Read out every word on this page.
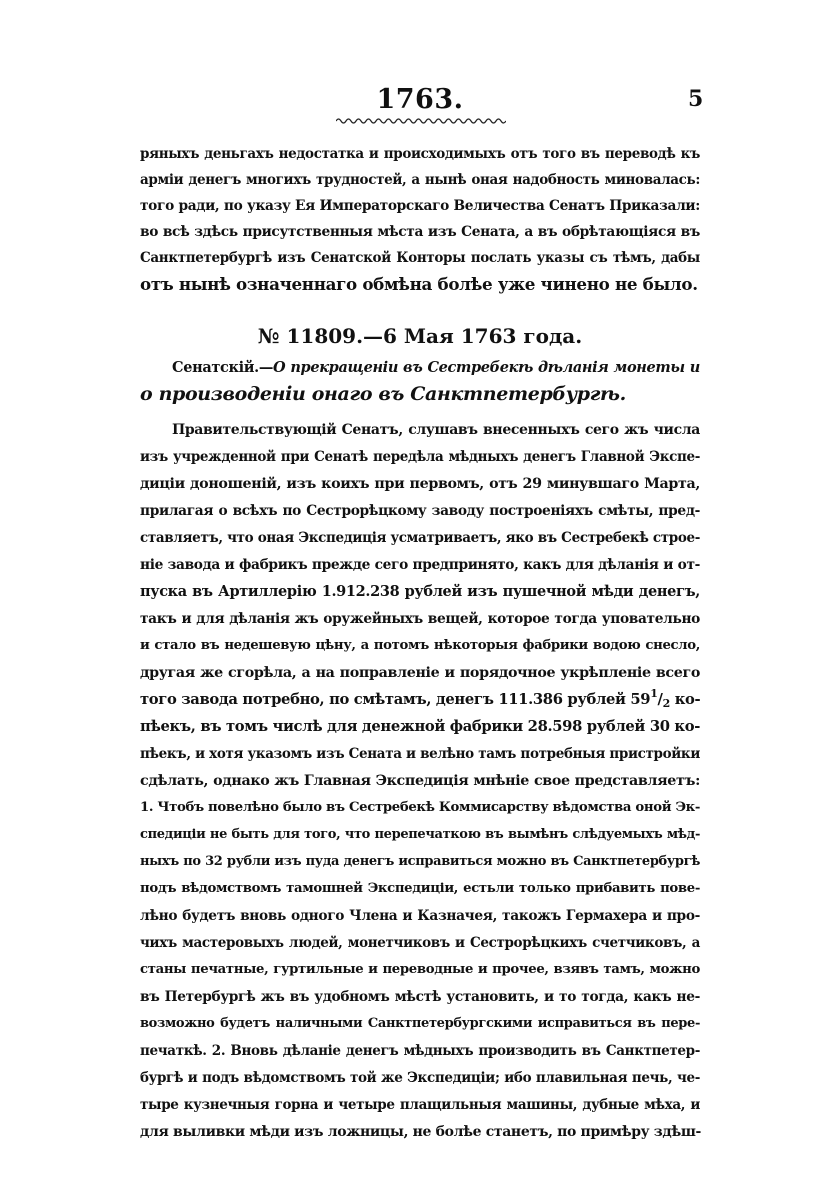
1763.	5
ряныхъ деньгахъ недостатка и происходимыхъ отъ того въ переводѣ къ
арміи денегъ многихъ трудностей, а нынѣ оная надобность миновалась:
того ради, по указу Ея Императорскаго Величества Сенатъ Приказали:
во всѣ здѣсь присутственныя мѣста изъ Сената, а въ обрѣтающіяся въ
Санктпетербургѣ изъ Сенатской Конторы послать указы съ тѣмъ, дабы
отъ нынѣ означеннаго обмѣна болѣе уже чинено не было.
№ 11809.—6 Мая 1763 года.
Сенатскій.—О прекращеніи въ Сестребекѣ дѣланія монеты и
о производеніи онаго въ Санктпетербургѣ.
Правительствующій Сенатъ, слушавъ внесенныхъ сего жъ числа
изъ учрежденной при Сенатѣ передѣла мѣдныхъ денегъ Главной Экспе-
диціи доношеній, изъ коихъ при первомъ, отъ 29 минувшаго Марта,
прилагая о всѣхъ по Сестрорѣцкому заводу построеніяхъ смѣты, пред-
ставляетъ, что оная Экспедиція усматриваетъ, яко въ Сестребекѣ строе-
ніе завода и фабрикъ прежде сего предпринято, какъ для дѣланія и от-
пуска въ Артиллерію 1.912.238 рублей изъ пушечной мѣди денегъ,
такъ и для дѣланія жъ оружейныхъ вещей, которое тогда уповательно
и стало въ недешевую цѣну, а потомъ нѣкоторыя фабрики водою снесло,
другая же сгорѣла, а на поправленіе и порядочное укрѣпленіе всего
того завода потребно, по смѣтамъ, денегъ 111.386 рублей $59^1/_2$ ко-
пѣекъ, въ томъ числѣ для денежной фабрики 28.598 рублей 30 ко-
пѣекъ, и хотя указомъ изъ Сената и велѣно тамъ потребныя пристройки
сдѣлать, однако жъ Главная Экспедиція мнѣніе свое представляетъ:
1. Чтобъ повелѣно было въ Сестребекѣ Коммисарству вѣдомства оной Эк-
спедиціи не быть для того, что перепечаткою въ вымѣнъ слѣдуемыхъ мѣд-
ныхъ по 32 рубли изъ пуда денегъ исправиться можно въ Санктпетербургѣ
подъ вѣдомствомъ тамошней Экспедиціи, естьли только прибавить пове-
лѣно будетъ вновь одного Члена и Казначея, такожъ Гермахера и про-
чихъ мастеровыхъ людей, монетчиковъ и Сестрорѣцкихъ счетчиковъ, а
станы печатные, гуртильные и переводные и прочее, взявъ тамъ, можно
въ Петербургѣ жъ въ удобномъ мѣстѣ установить, и то тогда, какъ не-
возможно будетъ наличными Санктпетербургскими исправиться въ пере-
печаткѣ. 2. Вновь дѣланіе денегъ мѣдныхъ производить въ Санктпетер-
бургѣ и подъ вѣдомствомъ той же Экспедиціи; ибо плавильная печь, че-
тыре кузнечныя горна и четыре плащильныя машины, дубные мѣха, и
для выливки мѣди изъ ложницы, не болѣе станетъ, по примѣру здѣш-
